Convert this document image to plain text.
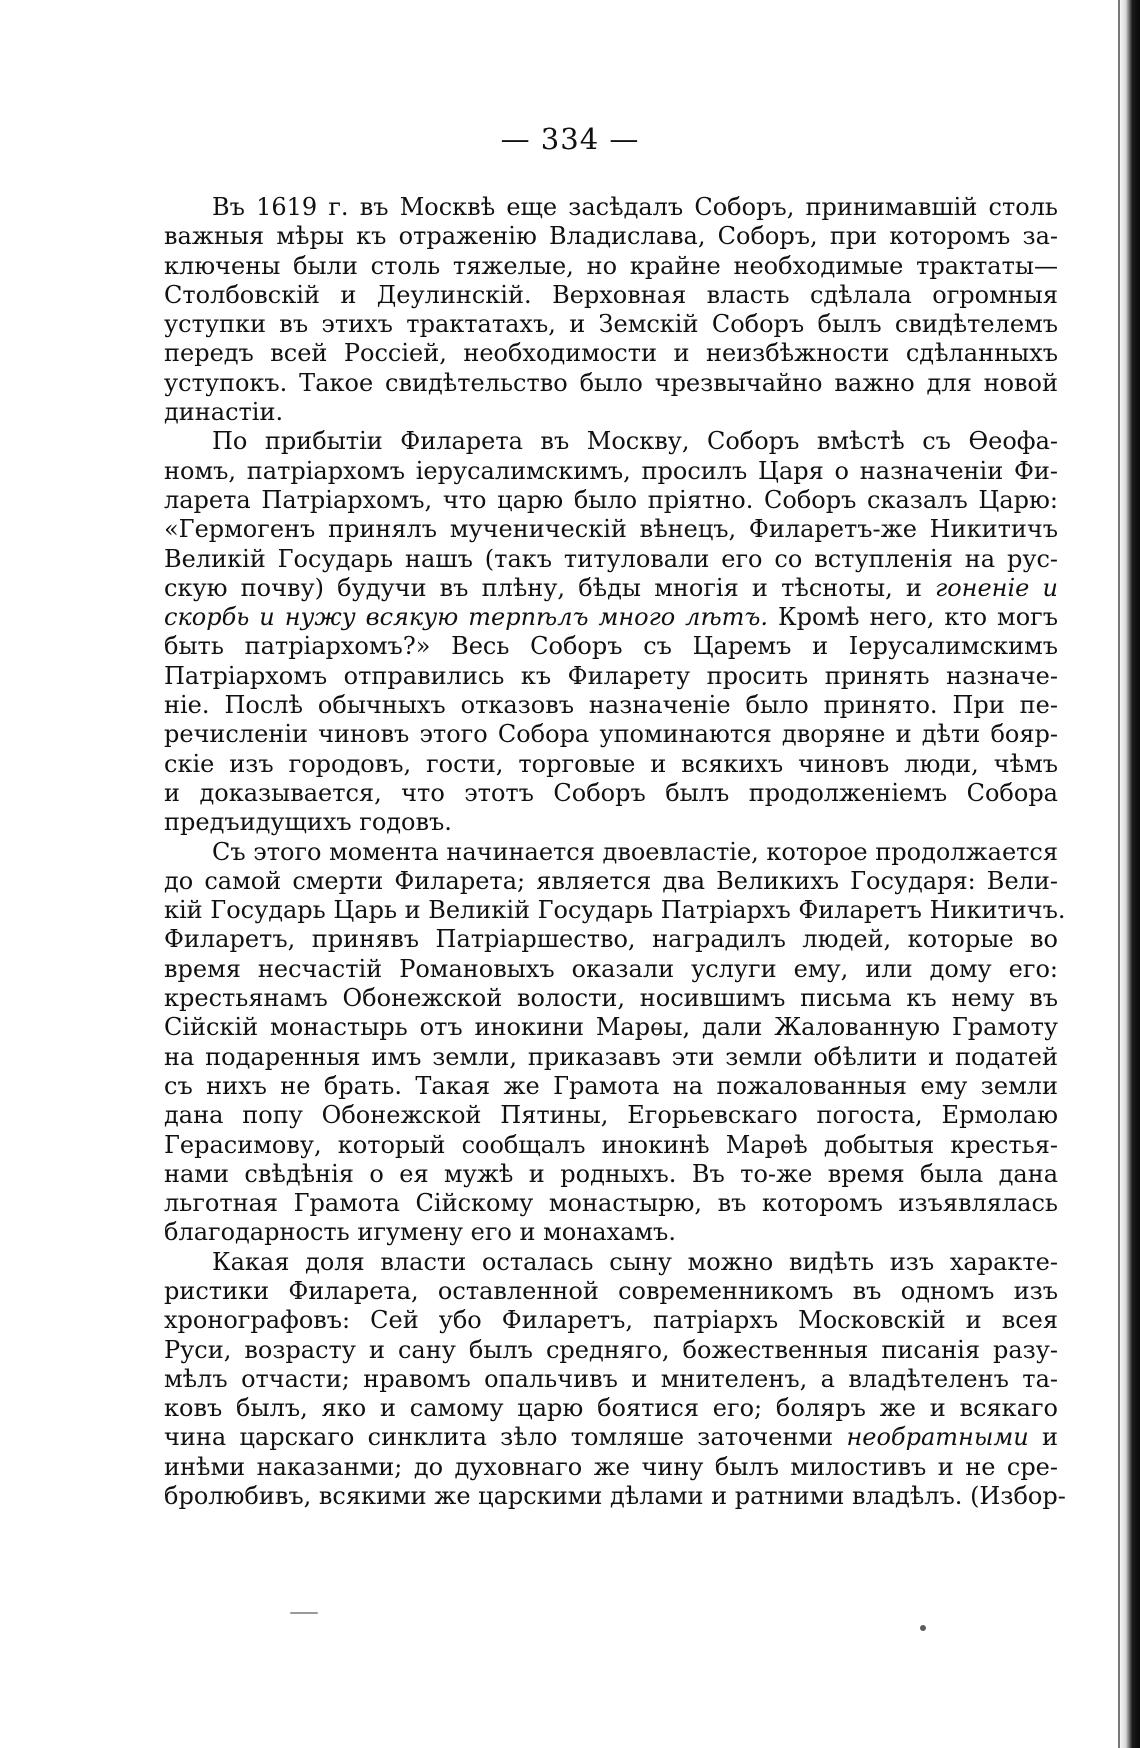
— 334 —
Въ 1619 г. въ Москвѣ еще засѣдалъ Соборъ, принимавшій столь
важныя мѣры къ отраженію Владислава, Соборъ, при которомъ за-
ключены были столь тяжелые, но крайне необходимые трактаты—
Столбовскій и Деулинскій. Верховная власть сдѣлала огромныя
уступки въ этихъ трактатахъ, и Земскій Соборъ былъ свидѣтелемъ
передъ всей Россіей, необходимости и неизбѣжности сдѣланныхъ
уступокъ. Такое свидѣтельство было чрезвычайно важно для новой
династіи.
По прибытіи Филарета въ Москву, Соборъ вмѣстѣ съ Ѳеофа-
номъ, патріархомъ іерусалимскимъ, просилъ Царя о назначеніи Фи-
ларета Патріархомъ, что царю было пріятно. Соборъ сказалъ Царю:
«Гермогенъ принялъ мученическій вѣнецъ, Филаретъ-же Никитичъ
Великій Государь нашъ (такъ титуловали его со вступленія на рус-
скую почву) будучи въ плѣну, бѣды многія и тѣсноты, и гоненіе и
скорбь и нужу всякую терпѣлъ много лѣтъ. Кромѣ него, кто могъ
быть патріархомъ?» Весь Соборъ съ Царемъ и Іерусалимскимъ
Патріархомъ отправились къ Филарету просить принять назначе-
ніе. Послѣ обычныхъ отказовъ назначеніе было принято. При пе-
речисленіи чиновъ этого Собора упоминаются дворяне и дѣти бояр-
скіе изъ городовъ, гости, торговые и всякихъ чиновъ люди, чѣмъ
и доказывается, что этотъ Соборъ былъ продолженіемъ Собора
предъидущихъ годовъ.
Съ этого момента начинается двоевластіе, которое продолжается
до самой смерти Филарета; является два Великихъ Государя: Вели-
кій Государь Царь и Великій Государь Патріархъ Филаретъ Никитичъ.
Филаретъ, принявъ Патріаршество, наградилъ людей, которые во
время несчастій Романовыхъ оказали услуги ему, или дому его:
крестьянамъ Обонежской волости, носившимъ письма къ нему въ
Сійскій монастырь отъ инокини Марѳы, дали Жалованную Грамоту
на подаренныя имъ земли, приказавъ эти земли обѣлити и податей
съ нихъ не брать. Такая же Грамота на пожалованныя ему земли
дана попу Обонежской Пятины, Егорьевскаго погоста, Ермолаю
Герасимову, который сообщалъ инокинѣ Марѳѣ добытыя крестья-
нами свѣдѣнія о ея мужѣ и родныхъ. Въ то-же время была дана
льготная Грамота Сійскому монастырю, въ которомъ изъявлялась
благодарность игумену его и монахамъ.
Какая доля власти осталась сыну можно видѣть изъ характе-
ристики Филарета, оставленной современникомъ въ одномъ изъ
хронографовъ: Сей убо Филаретъ, патріархъ Московскій и всея
Руси, возрасту и сану былъ средняго, божественныя писанія разу-
мѣлъ отчасти; нравомъ опальчивъ и мнителенъ, а владѣтеленъ та-
ковъ былъ, яко и самому царю боятися его; боляръ же и всякаго
чина царскаго синклита зѣло томляше заточенми необратными и
инѣми наказанми; до духовнаго же чину былъ милостивъ и не сре-
бролюбивъ, всякими же царскими дѣлами и ратними владѣлъ. (Избор-
